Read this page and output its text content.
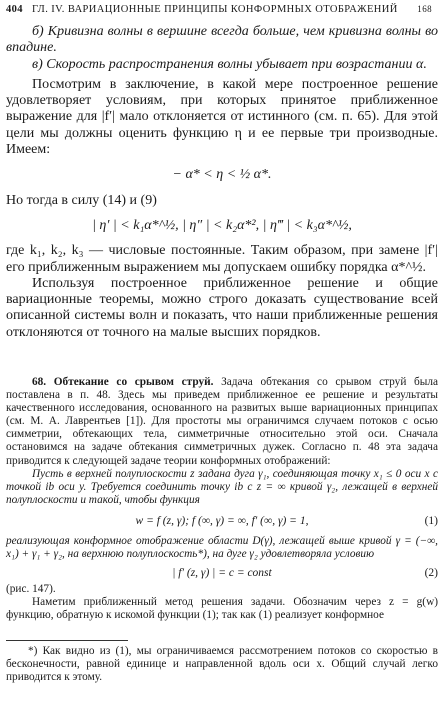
404 ГЛ. IV. ВАРИАЦИОННЫЕ ПРИНЦИПЫ КОНФОРМНЫХ ОТОБРАЖЕНИЙ 168

б) Кривизна волны в вершине всегда больше, чем кривизна волны во впадине.

в) Скорость распространения волны убывает при возрастании α.

Посмотрим в заключение, в какой мере построенное решение удовлетворяет условиям, при которых принятое приближенное выражение для |f′| мало отклоняется от истинного (см. п. 65). Для этой цели мы должны оценить функцию η и ее первые три производные. Имеем:

− α* < η < ½ α*.

Но тогда в силу (14) и (9)

| η′ | < k₁α*^½, | η″ | < k₂α*², | η‴ | < k₃α*^½,

где k₁, k₂, k₃ — числовые постоянные. Таким образом, при замене |f′| его приближенным выражением мы допускаем ошибку порядка α*^½.

Используя построенное приближенное решение и общие вариационные теоремы, можно строго доказать существование всей описанной системы волн и показать, что наши приближенные решения отклоняются от точного на малые высших порядков.

68. Обтекание со срывом струй. Задача обтекания со срывом струй была поставлена в п. 48. Здесь мы приведем приближенное ее решение и результаты качественного исследования, основанного на развитых выше вариационных принципах (см. М. А. Лаврентьев [1]). Для простоты мы ограничимся случаем потоков с осью симметрии, обтекающих тела, симметричные относительно этой оси. Сначала остановимся на задаче обтекания симметричных дужек. Согласно п. 48 эта задача приводится к следующей задаче теории конформных отображений:

Пусть в верхней полуплоскости z задана дуга γ₁, соединяющая точку x₁ ≤ 0 оси x с точкой ib оси y. Требуется соединить точку ib с z = ∞ кривой γ₂, лежащей в верхней полуплоскости и такой, чтобы функция

w = f (z, γ); f (∞, γ) = ∞, f′ (∞, γ) = 1,	(1)

реализующая конформное отображение области D(γ), лежащей выше кривой γ = (−∞, x₁) + γ₁ + γ₂, на верхнюю полуплоскость*), на дуге γ₂ удовлетворяла условию

| f′ (z, γ) | = c = const	(2)

(рис. 147).

Наметим приближенный метод решения задачи. Обозначим через z = g(w) функцию, обратную к искомой функции (1); так как (1) реализует конформное

*) Как видно из (1), мы ограничиваемся рассмотрением потоков со скоростью в бесконечности, равной единице и направленной вдоль оси x. Общий случай легко приводится к этому.
